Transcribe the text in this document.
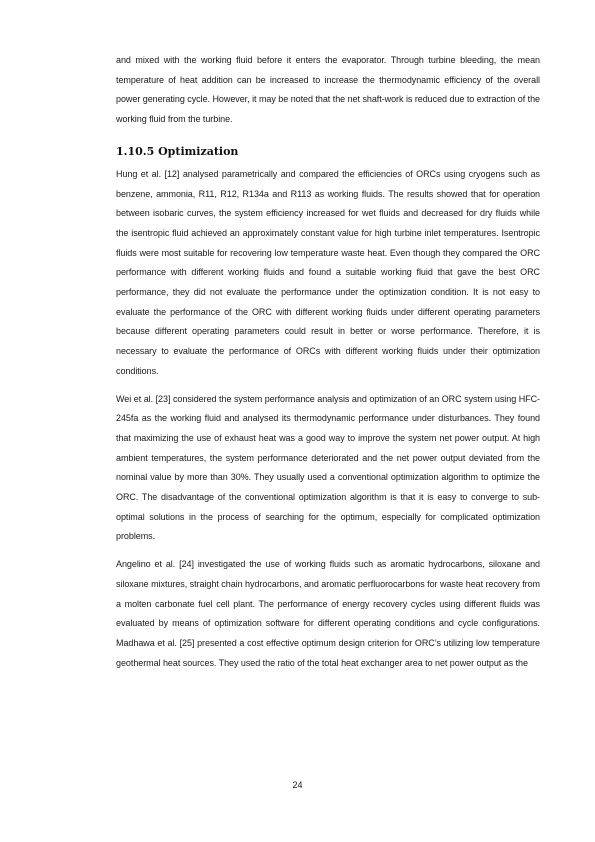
and mixed with the working fluid before it enters the evaporator. Through turbine bleeding, the mean temperature of heat addition can be increased to increase the thermodynamic efficiency of the overall power generating cycle. However, it may be noted that the net shaft-work is reduced due to extraction of the working fluid from the turbine.

1.10.5 Optimization

Hung et al. [12] analysed parametrically and compared the efficiencies of ORCs using cryogens such as benzene, ammonia, R11, R12, R134a and R113 as working fluids. The results showed that for operation between isobaric curves, the system efficiency increased for wet fluids and decreased for dry fluids while the isentropic fluid achieved an approximately constant value for high turbine inlet temperatures. Isentropic fluids were most suitable for recovering low temperature waste heat. Even though they compared the ORC performance with different working fluids and found a suitable working fluid that gave the best ORC performance, they did not evaluate the performance under the optimization condition. It is not easy to evaluate the performance of the ORC with different working fluids under different operating parameters because different operating parameters could result in better or worse performance. Therefore, it is necessary to evaluate the performance of ORCs with different working fluids under their optimization conditions.

Wei et al. [23] considered the system performance analysis and optimization of an ORC system using HFC-245fa as the working fluid and analysed its thermodynamic performance under disturbances. They found that maximizing the use of exhaust heat was a good way to improve the system net power output. At high ambient temperatures, the system performance deteriorated and the net power output deviated from the nominal value by more than 30%. They usually used a conventional optimization algorithm to optimize the ORC. The disadvantage of the conventional optimization algorithm is that it is easy to converge to sub-optimal solutions in the process of searching for the optimum, especially for complicated optimization problems.

Angelino et al. [24] investigated the use of working fluids such as aromatic hydrocarbons, siloxane and siloxane mixtures, straight chain hydrocarbons, and aromatic perfluorocarbons for waste heat recovery from a molten carbonate fuel cell plant. The performance of energy recovery cycles using different fluids was evaluated by means of optimization software for different operating conditions and cycle configurations. Madhawa et al. [25] presented a cost effective optimum design criterion for ORC’s utilizing low temperature geothermal heat sources. They used the ratio of the total heat exchanger area to net power output as the

24
